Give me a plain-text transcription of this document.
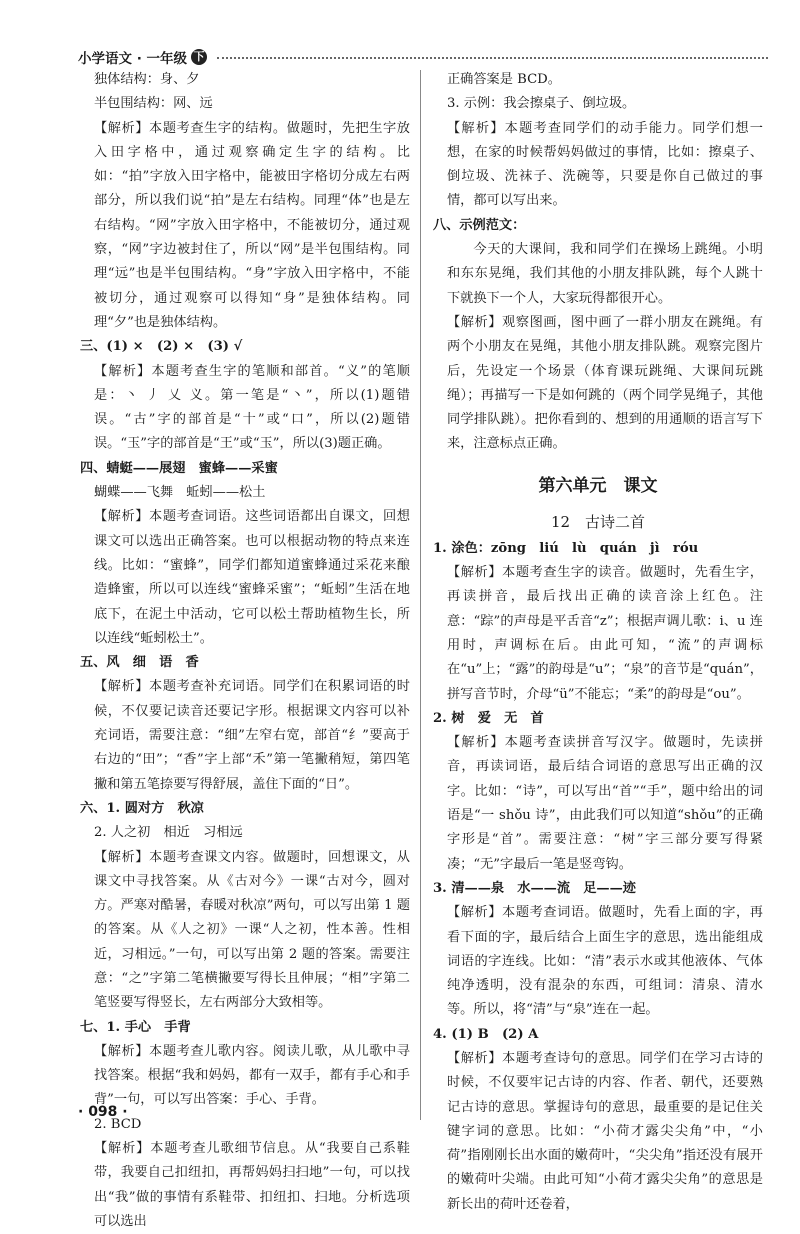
小学语文 · 一年级 下

独体结构：身、夕

半包围结构：网、远

【解析】本题考查生字的结构。做题时，先把生字放入田字格中，通过观察确定生字的结构。比如：“拍”字放入田字格中，能被田字格切分成左右两部分，所以我们说“拍”是左右结构。同理“体”也是左右结构。“网”字放入田字格中，不能被切分，通过观察，“网”字边被封住了，所以“网”是半包围结构。同理“远”也是半包围结构。“身”字放入田字格中，不能被切分，通过观察可以得知“身”是独体结构。同理“夕”也是独体结构。

三、(1) ×　(2) ×　(3) √

【解析】本题考查生字的笔顺和部首。“义”的笔顺是：丶 丿 乂 义。第一笔是“丶”，所以(1)题错误。“古”字的部首是“十”或“口”，所以(2)题错误。“玉”字的部首是“王”或“玉”，所以(3)题正确。

四、蜻蜓——展翅　蜜蜂——采蜜

蝴蝶——飞舞　蚯蚓——松土

【解析】本题考查词语。这些词语都出自课文，回想课文可以选出正确答案。也可以根据动物的特点来连线。比如：“蜜蜂”，同学们都知道蜜蜂通过采花来酿造蜂蜜，所以可以连线“蜜蜂采蜜”；“蚯蚓”生活在地底下，在泥土中活动，它可以松土帮助植物生长，所以连线“蚯蚓松土”。

五、风　细　语　香

【解析】本题考查补充词语。同学们在积累词语的时候，不仅要记读音还要记字形。根据课文内容可以补充词语，需要注意：“细”左窄右宽，部首“纟”要高于右边的“田”；“香”字上部“禾”第一笔撇稍短，第四笔撇和第五笔捺要写得舒展，盖住下面的“日”。

六、1. 圆对方　秋凉

2. 人之初　相近　习相远

【解析】本题考查课文内容。做题时，回想课文，从课文中寻找答案。从《古对今》一课“古对今，圆对方。严寒对酷暑，春暖对秋凉”两句，可以写出第 1 题的答案。从《人之初》一课“人之初，性本善。性相近，习相远。”一句，可以写出第 2 题的答案。需要注意：“之”字第二笔横撇要写得长且伸展；“相”字第二笔竖要写得竖长，左右两部分大致相等。

七、1. 手心　手背

【解析】本题考查儿歌内容。阅读儿歌，从儿歌中寻找答案。根据“我和妈妈，都有一双手，都有手心和手背”一句，可以写出答案：手心、手背。

2. BCD

【解析】本题考查儿歌细节信息。从“我要自己系鞋带，我要自己扣纽扣，再帮妈妈扫扫地”一句，可以找出“我”做的事情有系鞋带、扣纽扣、扫地。分析选项可以选出

正确答案是 BCD。

3. 示例：我会擦桌子、倒垃圾。

【解析】本题考查同学们的动手能力。同学们想一想，在家的时候帮妈妈做过的事情，比如：擦桌子、倒垃圾、洗袜子、洗碗等，只要是你自己做过的事情，都可以写出来。

八、示例范文：

今天的大课间，我和同学们在操场上跳绳。小明和东东晃绳，我们其他的小朋友排队跳，每个人跳十下就换下一个人，大家玩得都很开心。

【解析】观察图画，图中画了一群小朋友在跳绳。有两个小朋友在晃绳，其他小朋友排队跳。观察完图片后，先设定一个场景（体育课玩跳绳、大课间玩跳绳）；再描写一下是如何跳的（两个同学晃绳子，其他同学排队跳）。把你看到的、想到的用通顺的语言写下来，注意标点正确。

第六单元　课文
12　古诗二首

1. 涂色：zōng　liú　lù　quán　jì　róu

【解析】本题考查生字的读音。做题时，先看生字，再读拼音，最后找出正确的读音涂上红色。注意：“踪”的声母是平舌音“z”；根据声调儿歌：i、u 连用时，声调标在后。由此可知，“流”的声调标在“u”上；“露”的韵母是“u”；“泉”的音节是“quán”，拼写音节时，介母“ü”不能忘；“柔”的韵母是“ou”。

2. 树　爱　无　首

【解析】本题考查读拼音写汉字。做题时，先读拼音，再读词语，最后结合词语的意思写出正确的汉字。比如：“诗”，可以写出“首”“手”，题中给出的词语是“一 shǒu 诗”，由此我们可以知道“shǒu”的正确字形是“首”。需要注意：“树”字三部分要写得紧凑；“无”字最后一笔是竖弯钩。

3. 清——泉　水——流　足——迹

【解析】本题考查词语。做题时，先看上面的字，再看下面的字，最后结合上面生字的意思，选出能组成词语的字连线。比如：“清”表示水或其他液体、气体纯净透明，没有混杂的东西，可组词：清泉、清水等。所以，将“清”与“泉”连在一起。

4. (1) B　(2) A

【解析】本题考查诗句的意思。同学们在学习古诗的时候，不仅要牢记古诗的内容、作者、朝代，还要熟记古诗的意思。掌握诗句的意思，最重要的是记住关键字词的意思。比如：“小荷才露尖尖角”中，“小荷”指刚刚长出水面的嫩荷叶，“尖尖角”指还没有展开的嫩荷叶尖端。由此可知“小荷才露尖尖角”的意思是新长出的荷叶还卷着，

· 098 ·
